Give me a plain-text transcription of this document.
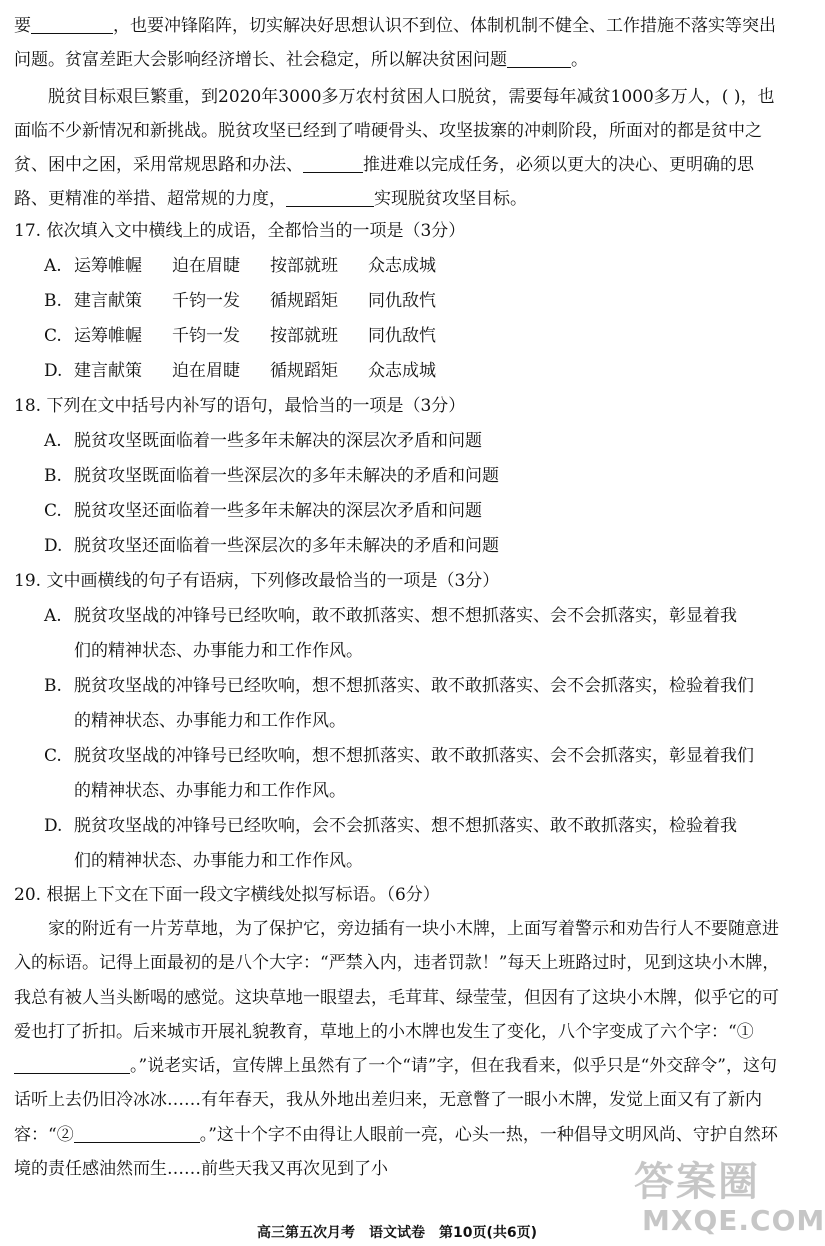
要	，也要冲锋陷阵，切实解决好思想认识不到位、体制机制不健全、工作措施不落实等突出问题。贫富差距大会影响经济增长、社会稳定，所以解决贫困问题	。
脱贫目标艰巨繁重，到2020年3000多万农村贫困人口脱贫，需要每年减贫1000多万人，( )，也面临不少新情况和新挑战。脱贫攻坚已经到了啃硬骨头、攻坚拔寨的冲刺阶段，所面对的都是贫中之贫、困中之困，采用常规思路和办法、	推进难以完成任务，必须以更大的决心、更明确的思路、更精准的举措、超常规的力度，	实现脱贫攻坚目标。
17. 依次填入文中横线上的成语，全都恰当的一项是（3分）
A. 运筹帷幄 迫在眉睫 按部就班 众志成城
B. 建言献策 千钧一发 循规蹈矩 同仇敌忾
C. 运筹帷幄 千钧一发 按部就班 同仇敌忾
D. 建言献策 迫在眉睫 循规蹈矩 众志成城
18. 下列在文中括号内补写的语句，最恰当的一项是（3分）
A. 脱贫攻坚既面临着一些多年未解决的深层次矛盾和问题
B. 脱贫攻坚既面临着一些深层次的多年未解决的矛盾和问题
C. 脱贫攻坚还面临着一些多年未解决的深层次矛盾和问题
D. 脱贫攻坚还面临着一些深层次的多年未解决的矛盾和问题
19. 文中画横线的句子有语病，下列修改最恰当的一项是（3分）
A. 脱贫攻坚战的冲锋号已经吹响，敢不敢抓落实、想不想抓落实、会不会抓落实，彰显着我
们的精神状态、办事能力和工作作风。
B. 脱贫攻坚战的冲锋号已经吹响，想不想抓落实、敢不敢抓落实、会不会抓落实，检验着我们
的精神状态、办事能力和工作作风。
C. 脱贫攻坚战的冲锋号已经吹响，想不想抓落实、敢不敢抓落实、会不会抓落实，彰显着我们
的精神状态、办事能力和工作作风。
D. 脱贫攻坚战的冲锋号已经吹响，会不会抓落实、想不想抓落实、敢不敢抓落实，检验着我
们的精神状态、办事能力和工作作风。
20. 根据上下文在下面一段文字横线处拟写标语。（6分）
家的附近有一片芳草地，为了保护它，旁边插有一块小木牌，上面写着警示和劝告行人不要随意进入的标语。记得上面最初的是八个大字：“严禁入内，违者罚款！”每天上班路过时，见到这块小木牌，我总有被人当头断喝的感觉。这块草地一眼望去，毛茸茸、绿莹莹，但因有了这块小木牌，似乎它的可爱也打了折扣。后来城市开展礼貌教育，草地上的小木牌也发生了变化，八个字变成了六个字：“①。”说老实话，宣传牌上虽然有了一个“请”字，但在我看来，似乎只是“外交辞令”，这句话听上去仍旧冷冰冰……有年春天，我从外地出差归来，无意瞥了一眼小木牌，发觉上面又有了新内容：“②	。”这十个字不由得让人眼前一亮，心头一热，一种倡导文明风尚、守护自然环境的责任感油然而生……前些天我又再次见到了小	答案圈
MXQE.COM
高三第五次月考　语文试卷　第10页(共6页)
